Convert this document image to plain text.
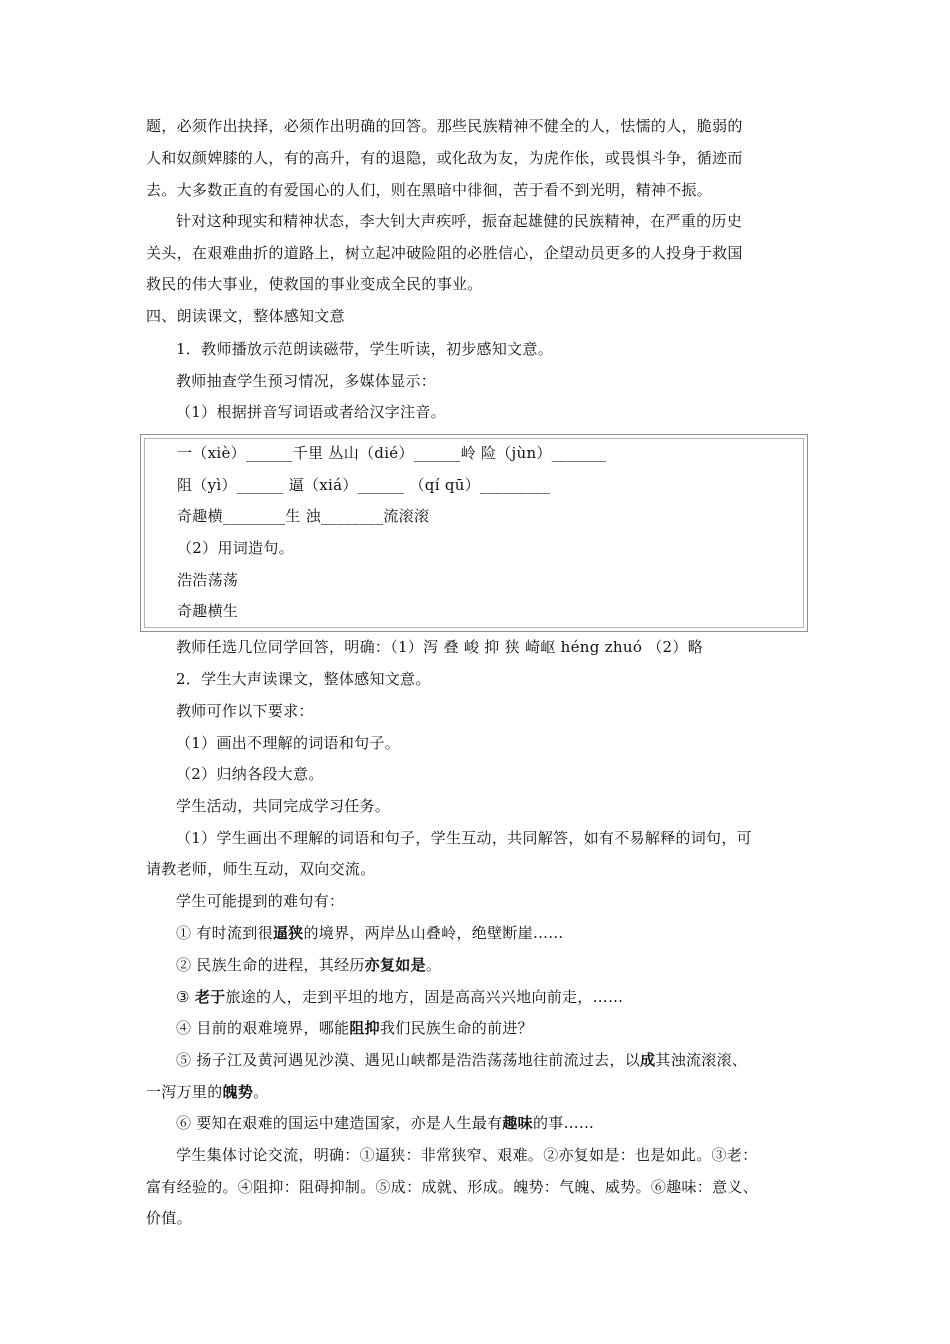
题，必须作出抉择，必须作出明确的回答。那些民族精神不健全的人，怯懦的人，脆弱的
人和奴颜婢膝的人，有的高升，有的退隐，或化敌为友，为虎作伥，或畏惧斗争，循迹而
去。大多数正直的有爱国心的人们，则在黑暗中徘徊，苦于看不到光明，精神不振。
针对这种现实和精神状态，李大钊大声疾呼，振奋起雄健的民族精神，在严重的历史
关头，在艰难曲折的道路上，树立起冲破险阻的必胜信心，企望动员更多的人投身于救国
救民的伟大事业，使救国的事业变成全民的事业。
四、朗读课文，整体感知文意
1．教师播放示范朗读磁带，学生听读，初步感知文意。
教师抽查学生预习情况，多媒体显示：
（1）根据拼音写词语或者给汉字注音。
一（xiè）______千里 丛山（dié）______岭 险（jùn）_______
阻（yì）______ 逼（xiá）______ （qí qū）_________
奇趣横________生 浊________流滚滚
（2）用词造句。
浩浩荡荡
奇趣横生
教师任选几位同学回答，明确：（1）泻 叠 峻 抑 狭 崎岖 héng zhuó （2）略
2．学生大声读课文，整体感知文意。
教师可作以下要求：
（1）画出不理解的词语和句子。
（2）归纳各段大意。
学生活动，共同完成学习任务。
（1）学生画出不理解的词语和句子，学生互动，共同解答，如有不易解释的词句，可
请教老师，师生互动，双向交流。
学生可能提到的难句有：
① 有时流到很逼狭的境界，两岸丛山叠岭，绝壁断崖……
② 民族生命的进程，其经历亦复如是。
③ 老于旅途的人，走到平坦的地方，固是高高兴兴地向前走，……
④ 目前的艰难境界，哪能阻抑我们民族生命的前进？
⑤ 扬子江及黄河遇见沙漠、遇见山峡都是浩浩荡荡地往前流过去，以成其浊流滚滚、
一泻万里的魄势。
⑥ 要知在艰难的国运中建造国家，亦是人生最有趣味的事……
学生集体讨论交流，明确：①逼狭：非常狭窄、艰难。②亦复如是：也是如此。③老：
富有经验的。④阻抑：阻碍抑制。⑤成：成就、形成。魄势：气魄、威势。⑥趣味：意义、
价值。
